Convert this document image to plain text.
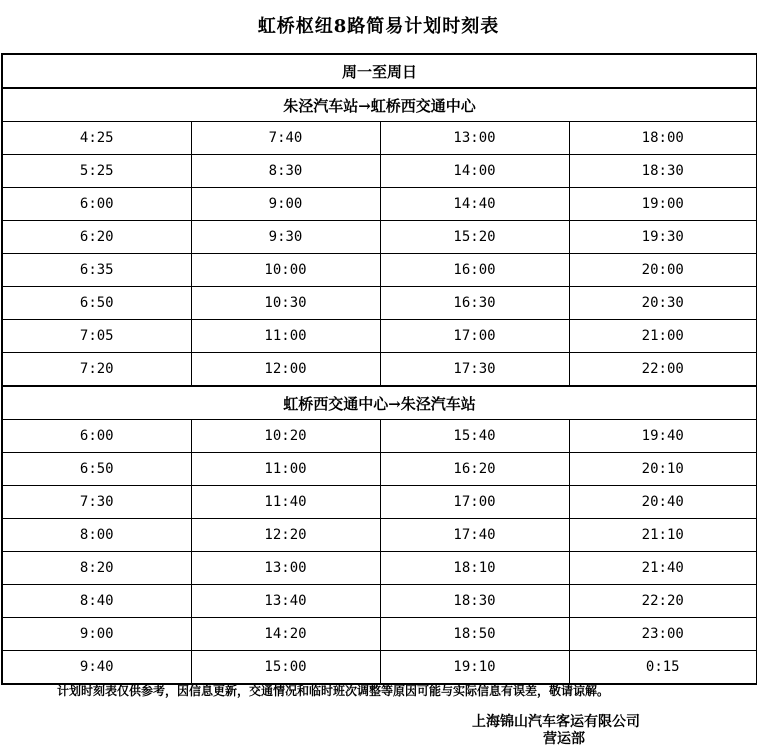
虹桥枢纽8路简易计划时刻表
周一至周日			
朱泾汽车站→虹桥西交通中心			
4:25	7:40	13:00	18:00
5:25	8:30	14:00	18:30
6:00	9:00	14:40	19:00
6:20	9:30	15:20	19:30
6:35	10:00	16:00	20:00
6:50	10:30	16:30	20:30
7:05	11:00	17:00	21:00
7:20	12:00	17:30	22:00
虹桥西交通中心→朱泾汽车站			
6:00	10:20	15:40	19:40
6:50	11:00	16:20	20:10
7:30	11:40	17:00	20:40
8:00	12:20	17:40	21:10
8:20	13:00	18:10	21:40
8:40	13:40	18:30	22:20
9:00	14:20	18:50	23:00
9:40	15:00	19:10	0:15
计划时刻表仅供参考，因信息更新，交通情况和临时班次调整等原因可能与实际信息有误差，敬请谅解。
上海锦山汽车客运有限公司
营运部
